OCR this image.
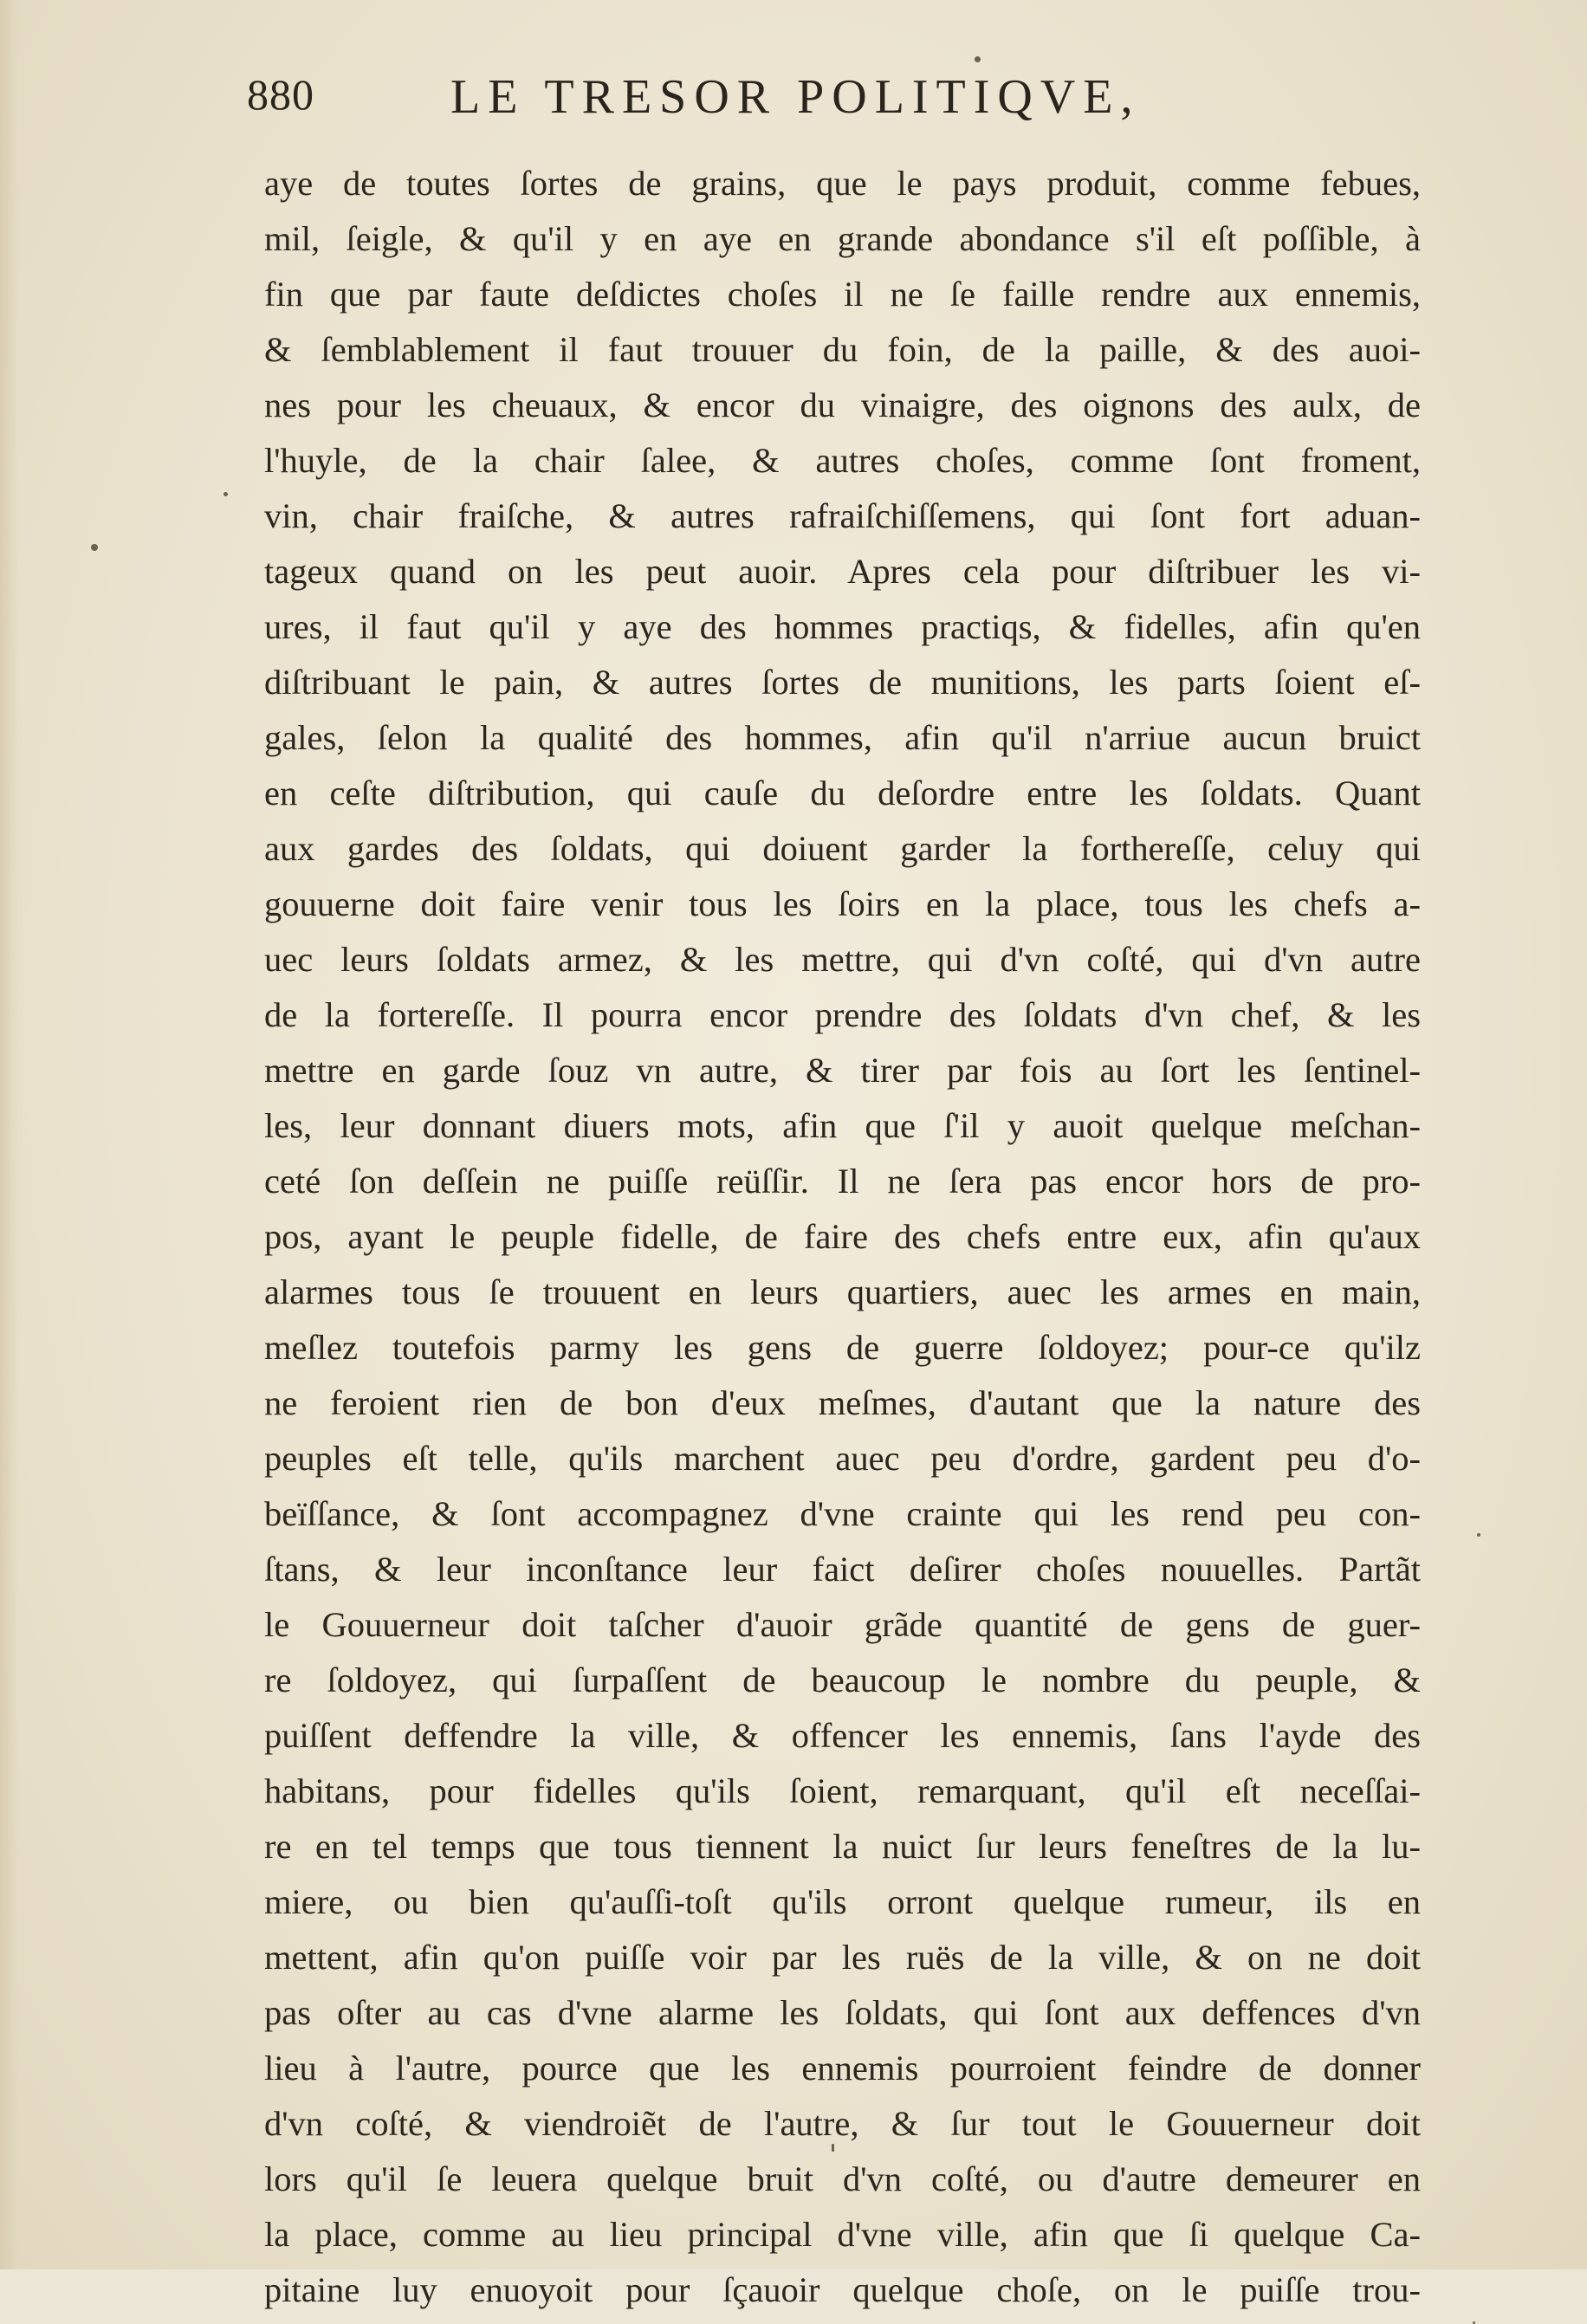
880	LE TRESOR POLITIQVE,
aye de toutes ſortes de grains, que le pays produit, comme febues,
mil, ſeigle, & qu'il y en aye en grande abondance s'il eſt poſſible, à
fin que par faute deſdictes choſes il ne ſe faille rendre aux ennemis,
& ſemblablement il faut trouuer du foin, de la paille, & des auoi-
nes pour les cheuaux, & encor du vinaigre, des oignons des aulx, de
l'huyle, de la chair ſalee, & autres choſes, comme ſont froment,
vin, chair fraiſche, & autres rafraiſchiſſemens, qui ſont fort aduan-
tageux quand on les peut auoir. Apres cela pour diſtribuer les vi-
ures, il faut qu'il y aye des hommes practiqs, & fidelles, afin qu'en
diſtribuant le pain, & autres ſortes de munitions, les parts ſoient eſ-
gales, ſelon la qualité des hommes, afin qu'il n'arriue aucun bruict
en ceſte diſtribution, qui cauſe du deſordre entre les ſoldats. Quant
aux gardes des ſoldats, qui doiuent garder la forthereſſe, celuy qui
gouuerne doit faire venir tous les ſoirs en la place, tous les chefs a-
uec leurs ſoldats armez, & les mettre, qui d'vn coſté, qui d'vn autre
de la fortereſſe. Il pourra encor prendre des ſoldats d'vn chef, & les
mettre en garde ſouz vn autre, & tirer par fois au ſort les ſentinel-
les, leur donnant diuers mots, afin que ſ'il y auoit quelque meſchan-
ceté ſon deſſein ne puiſſe reüſſir. Il ne ſera pas encor hors de pro-
pos, ayant le peuple fidelle, de faire des chefs entre eux, afin qu'aux
alarmes tous ſe trouuent en leurs quartiers, auec les armes en main,
meſlez toutefois parmy les gens de guerre ſoldoyez; pour-ce qu'ilz
ne feroient rien de bon d'eux meſmes, d'autant que la nature des
peuples eſt telle, qu'ils marchent auec peu d'ordre, gardent peu d'o-
beïſſance, & ſont accompagnez d'vne crainte qui les rend peu con-
ſtans, & leur inconſtance leur faict deſirer choſes nouuelles. Partãt
le Gouuerneur doit taſcher d'auoir grãde quantité de gens de guer-
re ſoldoyez, qui ſurpaſſent de beaucoup le nombre du peuple, &
puiſſent deffendre la ville, & offencer les ennemis, ſans l'ayde des
habitans, pour fidelles qu'ils ſoient, remarquant, qu'il eſt neceſſai-
re en tel temps que tous tiennent la nuict ſur leurs feneſtres de la lu-
miere, ou bien qu'auſſi-toſt qu'ils orront quelque rumeur, ils en
mettent, afin qu'on puiſſe voir par les ruës de la ville, & on ne doit
pas oſter au cas d'vne alarme les ſoldats, qui ſont aux deffences d'vn
lieu à l'autre, pource que les ennemis pourroient feindre de donner
d'vn coſté, & viendroiẽt de l'autre, & ſur tout le Gouuerneur doit
lors qu'il ſe leuera quelque bruit d'vn coſté, ou d'autre demeurer en
la place, comme au lieu principal d'vne ville, afin que ſi quelque Ca-
pitaine luy enuoyoit pour ſçauoir quelque choſe, on le puiſſe trou-
